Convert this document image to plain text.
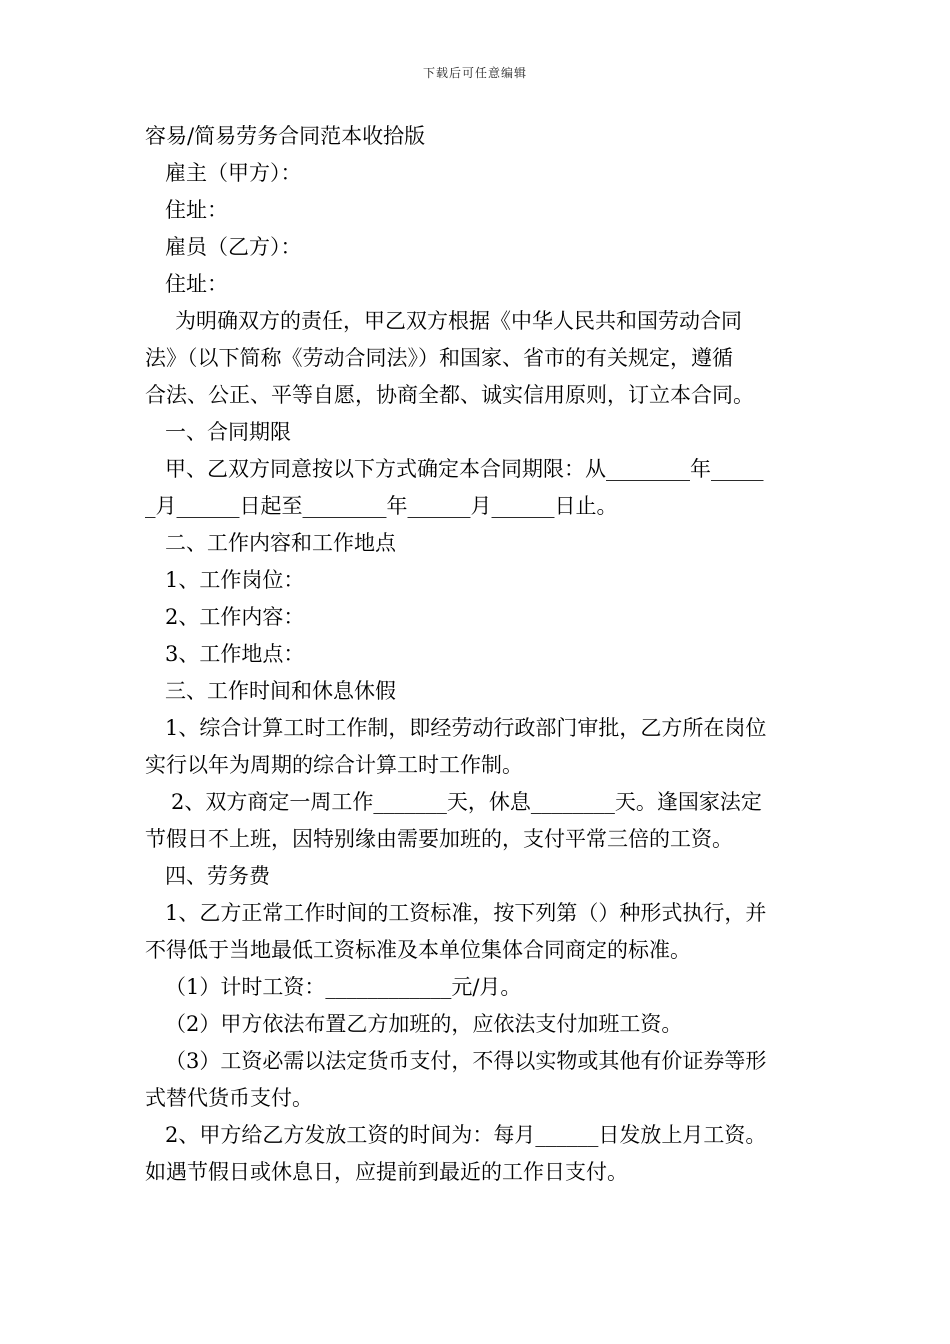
下载后可任意编辑
容易/简易劳务合同范本收拾版
雇主（甲方）：
住址：
雇员（乙方）：
住址：
为明确双方的责任，甲乙双方根据《中华人民共和国劳动合同
法》（以下简称《劳动合同法》）和国家、省市的有关规定，遵循
合法、公正、平等自愿，协商全都、诚实信用原则，订立本合同。
一、合同期限
甲、乙双方同意按以下方式确定本合同期限：从________年_____
_月______日起至________年______月______日止。
二、工作内容和工作地点
1、工作岗位：
2、工作内容：
3、工作地点：
三、工作时间和休息休假
1、综合计算工时工作制，即经劳动行政部门审批，乙方所在岗位
实行以年为周期的综合计算工时工作制。
2、双方商定一周工作_______天，休息________天。逢国家法定
节假日不上班，因特别缘由需要加班的，支付平常三倍的工资。
四、劳务费
1、乙方正常工作时间的工资标准，按下列第（）种形式执行，并
不得低于当地最低工资标准及本单位集体合同商定的标准。
（1）计时工资：____________元/月。
（2）甲方依法布置乙方加班的，应依法支付加班工资。
（3）工资必需以法定货币支付，不得以实物或其他有价证券等形
式替代货币支付。
2、甲方给乙方发放工资的时间为：每月______日发放上月工资。
如遇节假日或休息日，应提前到最近的工作日支付。
